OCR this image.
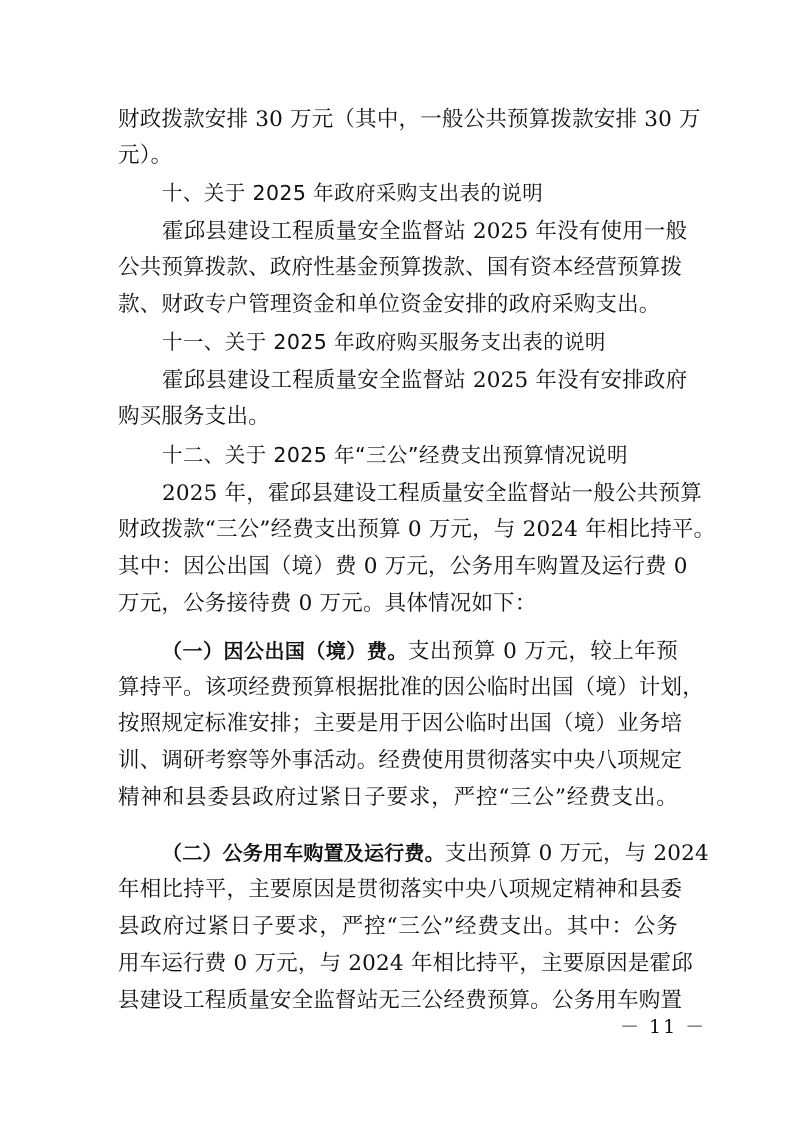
财政拨款安排 30 万元（其中，一般公共预算拨款安排 30 万
元）。
十、关于 2025 年政府采购支出表的说明
霍邱县建设工程质量安全监督站 2025 年没有使用一般
公共预算拨款、政府性基金预算拨款、国有资本经营预算拨
款、财政专户管理资金和单位资金安排的政府采购支出。
十一、关于 2025 年政府购买服务支出表的说明
霍邱县建设工程质量安全监督站 2025 年没有安排政府
购买服务支出。
十二、关于 2025 年“三公”经费支出预算情况说明
2025 年，霍邱县建设工程质量安全监督站一般公共预算
财政拨款“三公”经费支出预算 0 万元，与 2024 年相比持平。
其中：因公出国（境）费 0 万元，公务用车购置及运行费 0
万元，公务接待费 0 万元。具体情况如下：
（一）因公出国（境）费。支出预算 0 万元，较上年预
算持平。该项经费预算根据批准的因公临时出国（境）计划，
按照规定标准安排；主要是用于因公临时出国（境）业务培
训、调研考察等外事活动。经费使用贯彻落实中央八项规定
精神和县委县政府过紧日子要求，严控“三公”经费支出。
（二）公务用车购置及运行费。支出预算 0 万元，与 2024
年相比持平，主要原因是贯彻落实中央八项规定精神和县委
县政府过紧日子要求，严控“三公”经费支出。其中：公务
用车运行费 0 万元，与 2024 年相比持平，主要原因是霍邱
县建设工程质量安全监督站无三公经费预算。公务用车购置
－ 11 －
